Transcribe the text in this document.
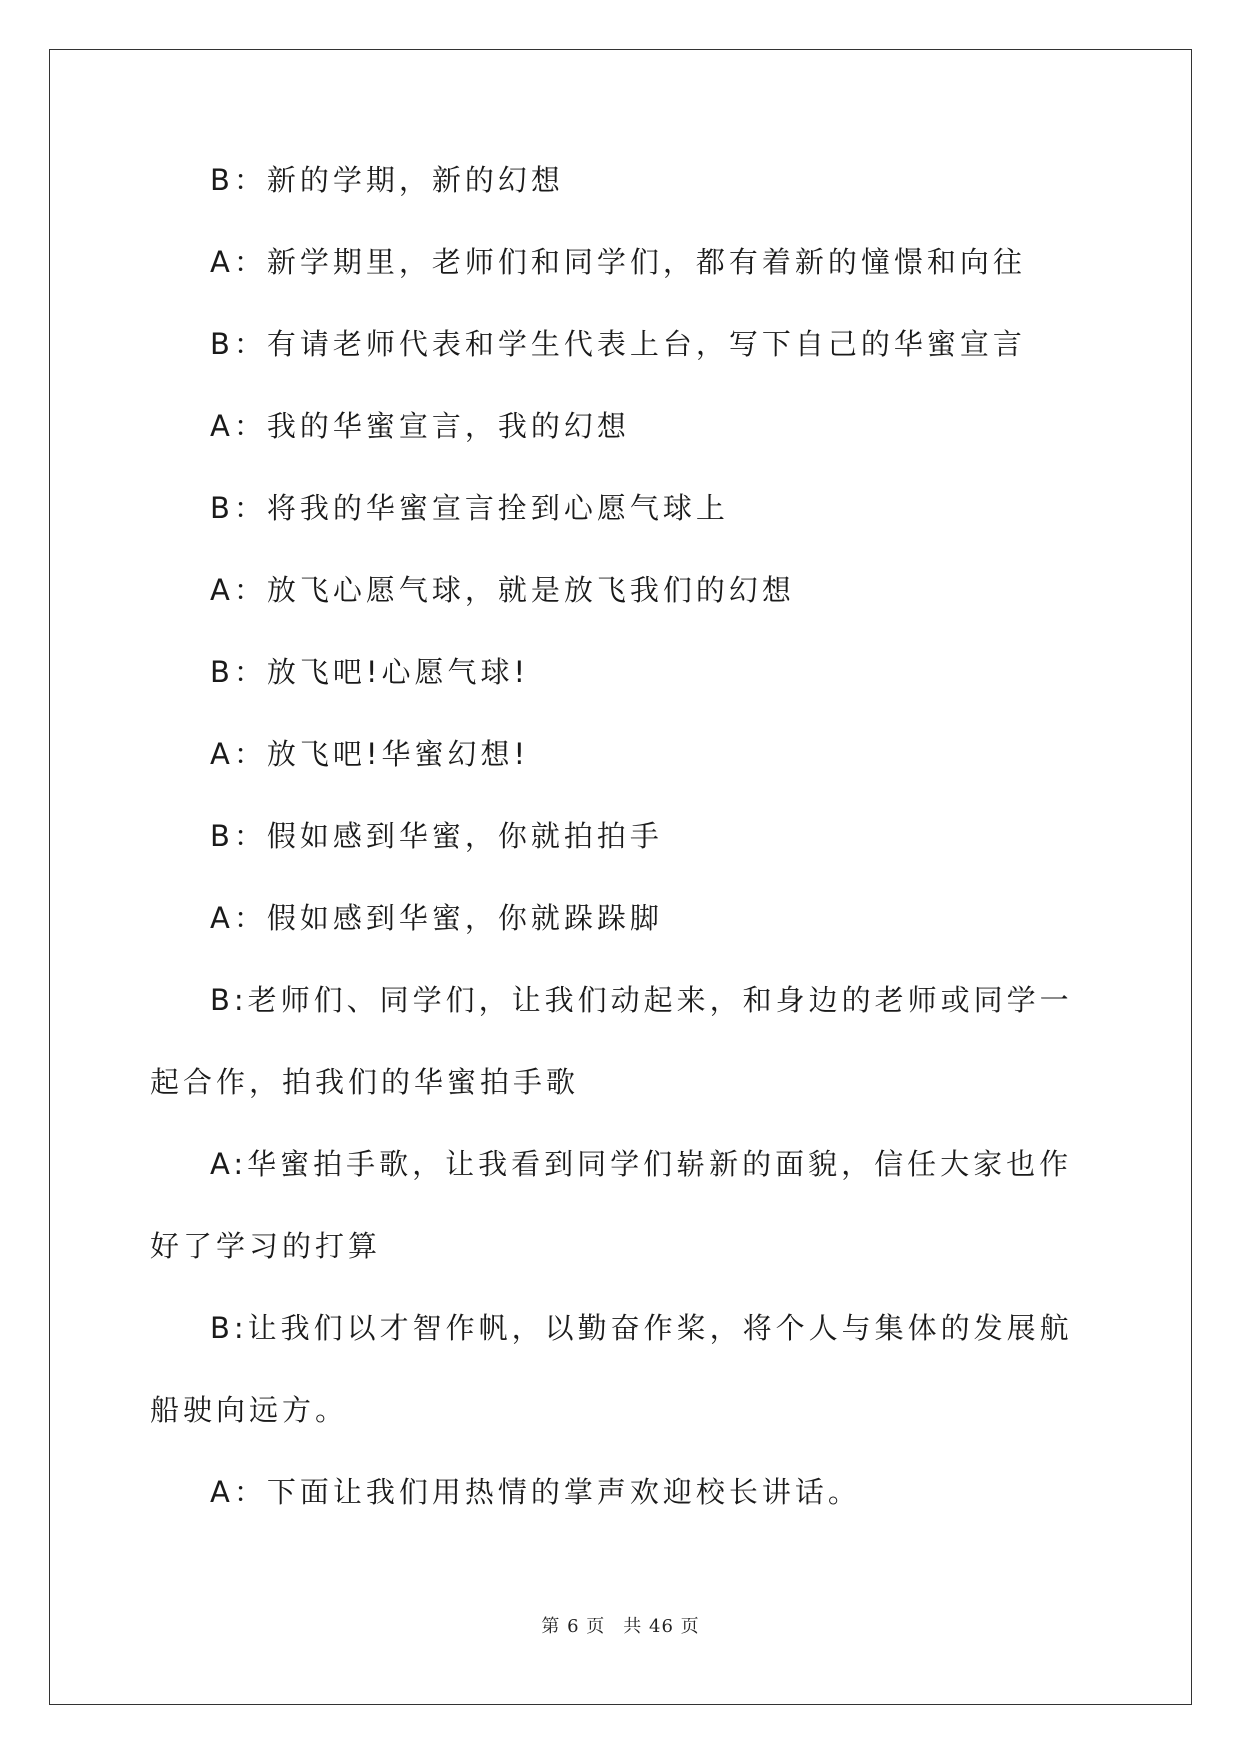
B：新的学期，新的幻想

A：新学期里，老师们和同学们，都有着新的憧憬和向往

B：有请老师代表和学生代表上台，写下自己的华蜜宣言

A：我的华蜜宣言，我的幻想

B：将我的华蜜宣言拴到心愿气球上

A：放飞心愿气球，就是放飞我们的幻想

B：放飞吧!心愿气球!

A：放飞吧!华蜜幻想!

B：假如感到华蜜，你就拍拍手

A：假如感到华蜜，你就跺跺脚

B:老师们、同学们，让我们动起来，和身边的老师或同学一起合作，拍我们的华蜜拍手歌

A:华蜜拍手歌，让我看到同学们崭新的面貌，信任大家也作好了学习的打算

B:让我们以才智作帆，以勤奋作桨，将个人与集体的发展航船驶向远方。

A：下面让我们用热情的掌声欢迎校长讲话。

第 6 页 共 46 页
